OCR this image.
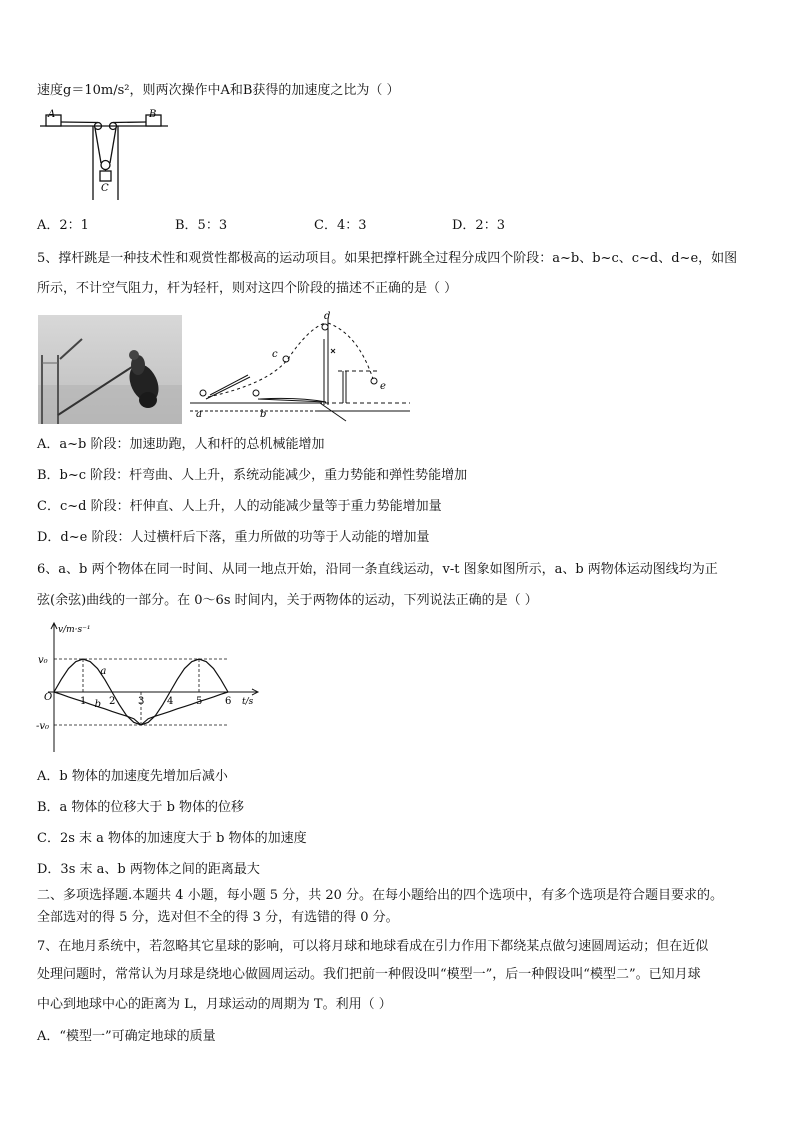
速度g＝10m/s²，则两次操作中A和B获得的加速度之比为（ ）
A	B
C
A．2：1	B．5：3	C．4：3	D．2：3
5、撑杆跳是一种技术性和观赏性都极高的运动项目。如果把撑杆跳全过程分成四个阶段：a~b、b~c、c~d、d~e，如图
所示，不计空气阻力，杆为轻杆，则对这四个阶段的描述不正确的是（ ）
a	b
c
d
e
A．a~b 阶段：加速助跑，人和杆的总机械能增加
B．b~c 阶段：杆弯曲、人上升，系统动能减少，重力势能和弹性势能增加
C．c~d 阶段：杆伸直、人上升，人的动能减少量等于重力势能增加量
D．d~e 阶段：人过横杆后下落，重力所做的功等于人动能的增加量
6、a、b 两个物体在同一时间、从同一地点开始，沿同一条直线运动，v-t 图象如图所示，a、b 两物体运动图线均为正
弦(余弦)曲线的一部分。在 0～6s 时间内，关于两物体的运动，下列说法正确的是（ ）
1 2 3 4 5 6
v₀
-v₀
a
b
v/m·s⁻¹
t/s
O
A．b 物体的加速度先增加后减小
B．a 物体的位移大于 b 物体的位移
C．2s 末 a 物体的加速度大于 b 物体的加速度
D．3s 末 a、b 两物体之间的距离最大
二、多项选择题.本题共 4 小题，每小题 5 分，共 20 分。在每小题给出的四个选项中，有多个选项是符合题目要求的。
全部选对的得 5 分，选对但不全的得 3 分，有选错的得 0 分。
7、在地月系统中，若忽略其它星球的影响，可以将月球和地球看成在引力作用下都绕某点做匀速圆周运动；但在近似
处理问题时，常常认为月球是绕地心做圆周运动。我们把前一种假设叫“模型一”，后一种假设叫“模型二”。已知月球
中心到地球中心的距离为 L，月球运动的周期为 T。利用（ ）
A．“模型一”可确定地球的质量
